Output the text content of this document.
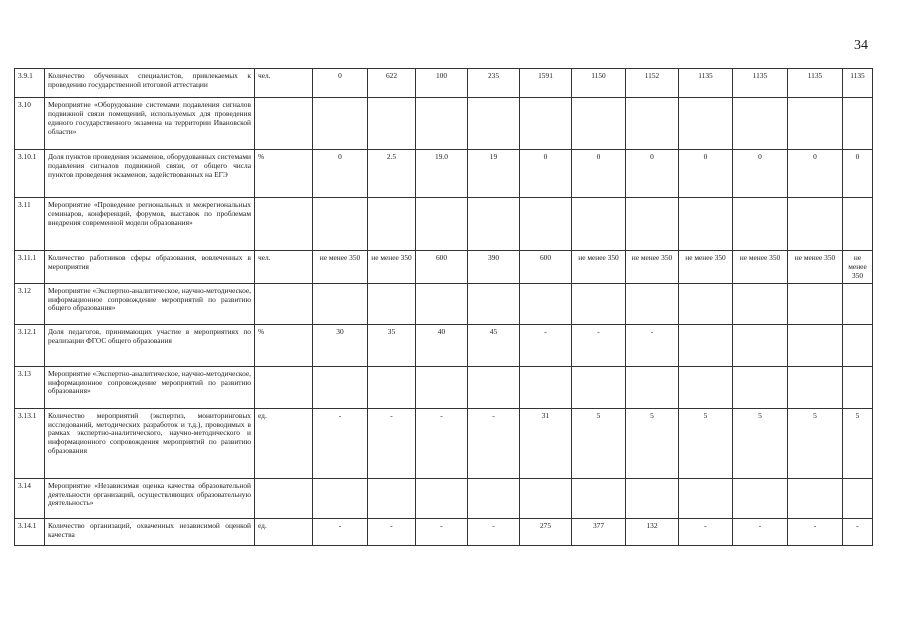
34
3.9.1	Количество обученных специалистов, привлекаемых к проведению государственной итоговой аттестации	чел.	0	622	100	235	1591	1150	1152	1135	1135	1135	1135	
3.10	Мероприятие «Оборудование системами подавления сигналов подвижной связи помещений, используемых для проведения единого государственного экзамена на территории Ивановской области»													
3.10.1	Доля пунктов проведения экзаменов, оборудованных системами подавления сигналов подвижной связи, от общего числа пунктов проведения экзаменов, задействованных на ЕГЭ	%	0	2.5	19.0	19	0	0	0	0	0	0	0	
3.11	Мероприятие «Проведение региональных и межрегиональных семинаров, конференций, форумов, выставок по проблемам внедрения современной модели образования»													
3.11.1	Количество работников сферы образования, вовлеченных в мероприятия	чел.	не менее 350	не менее 350	600	390	600	не менее 350	не менее 350	не менее 350	не менее 350	не менее 350	не менее 350	
3.12	Мероприятие «Экспертно-аналитическое, научно-методическое, информационное сопровождение мероприятий по развитию общего образования»													
3.12.1	Доля педагогов, принимающих участие в мероприятиях по реализации ФГОС общего образования	%	30	35	40	45	-	-	-					
3.13	Мероприятие «Экспертно-аналитическое, научно-методическое, информационное сопровождение мероприятий по развитию образования»													
3.13.1	Количество мероприятий (экспертиз, мониторинговых исследований, методических разработок и т.д.), проводимых в рамках экспертно-аналитического, научно-методического и информационного сопровождения мероприятий по развитию образования	ед.	-	-	-	-	31	5	5	5	5	5	5	
3.14	Мероприятие «Независимая оценка качества образовательной деятельности организаций, осуществляющих образовательную деятельность»													
3.14.1	Количество организаций, охваченных независимой оценкой качества	ед.	-	-	-	-	275	377	132	-	-	-	-	
